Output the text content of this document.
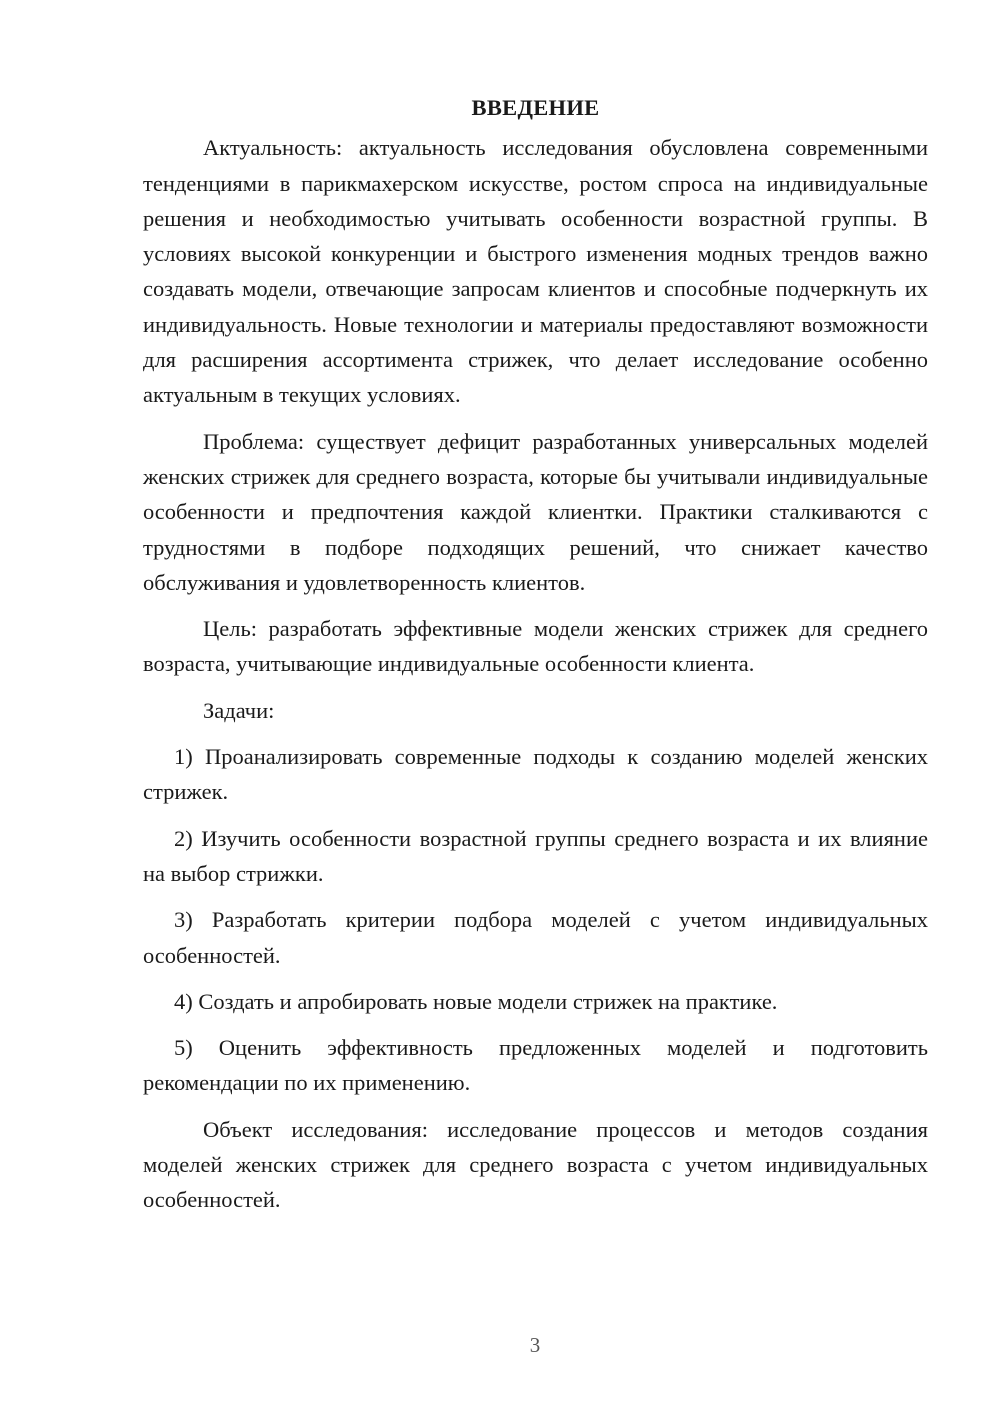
ВВЕДЕНИЕ

Актуальность: актуальность исследования обусловлена современными тенденциями в парикмахерском искусстве, ростом спроса на индивидуальные решения и необходимостью учитывать особенности возрастной группы. В условиях высокой конкуренции и быстрого изменения модных трендов важно создавать модели, отвечающие запросам клиентов и способные подчеркнуть их индивидуальность. Новые технологии и материалы предоставляют возможности для расширения ассортимента стрижек, что делает исследование особенно актуальным в текущих условиях.

Проблема: существует дефицит разработанных универсальных моделей женских стрижек для среднего возраста, которые бы учитывали индивидуальные особенности и предпочтения каждой клиентки. Практики сталкиваются с трудностями в подборе подходящих решений, что снижает качество обслуживания и удовлетворенность клиентов.

Цель: разработать эффективные модели женских стрижек для среднего возраста, учитывающие индивидуальные особенности клиента.

Задачи:

1) Проанализировать современные подходы к созданию моделей женских стрижек.

2) Изучить особенности возрастной группы среднего возраста и их влияние на выбор стрижки.

3) Разработать критерии подбора моделей с учетом индивидуальных особенностей.

4) Создать и апробировать новые модели стрижек на практике.

5) Оценить эффективность предложенных моделей и подготовить рекомендации по их применению.

Объект исследования: исследование процессов и методов создания моделей женских стрижек для среднего возраста с учетом индивидуальных особенностей.

3
